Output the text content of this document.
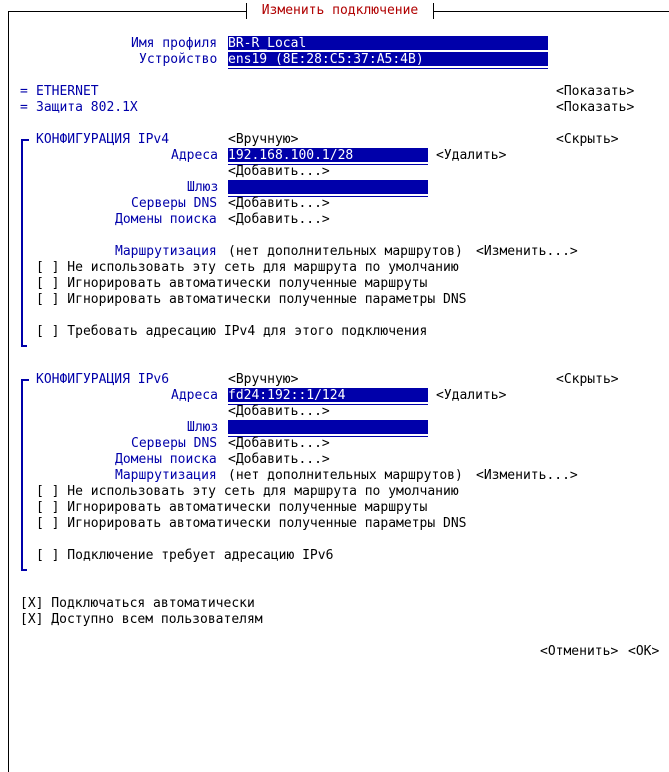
Изменить подключение
Имя профиля BR-R_Local
Устройство ens19 (8E:28:C5:37:A5:4B)
= ETHERNET	<Показать>
= Защита 802.1X	<Показать>
КОНФИГУРАЦИЯ IPv4	<Вручную>	<Скрыть>
Адреса 192.168.100.1/28	<Удалить>
<Добавить...>
Шлюз
Серверы DNS <Добавить...>
Домены поиска <Добавить...>
Маршрутизация (нет дополнительных маршрутов) <Изменить...>
[ ] Не использовать эту сеть для маршрута по умолчанию
[ ] Игнорировать автоматически полученные маршруты
[ ] Игнорировать автоматически полученные параметры DNS
[ ] Требовать адресацию IPv4 для этого подключения
КОНФИГУРАЦИЯ IPv6	<Вручную>	<Скрыть>
Адреса fd24:192::1/124	<Удалить>
<Добавить...>
Шлюз
Серверы DNS <Добавить...>
Домены поиска <Добавить...>
Маршрутизация (нет дополнительных маршрутов) <Изменить...>
[ ] Не использовать эту сеть для маршрута по умолчанию
[ ] Игнорировать автоматически полученные маршруты
[ ] Игнорировать автоматически полученные параметры DNS
[ ] Подключение требует адресацию IPv6
[X] Подключаться автоматически
[X] Доступно всем пользователям
<Отменить> <OK>
